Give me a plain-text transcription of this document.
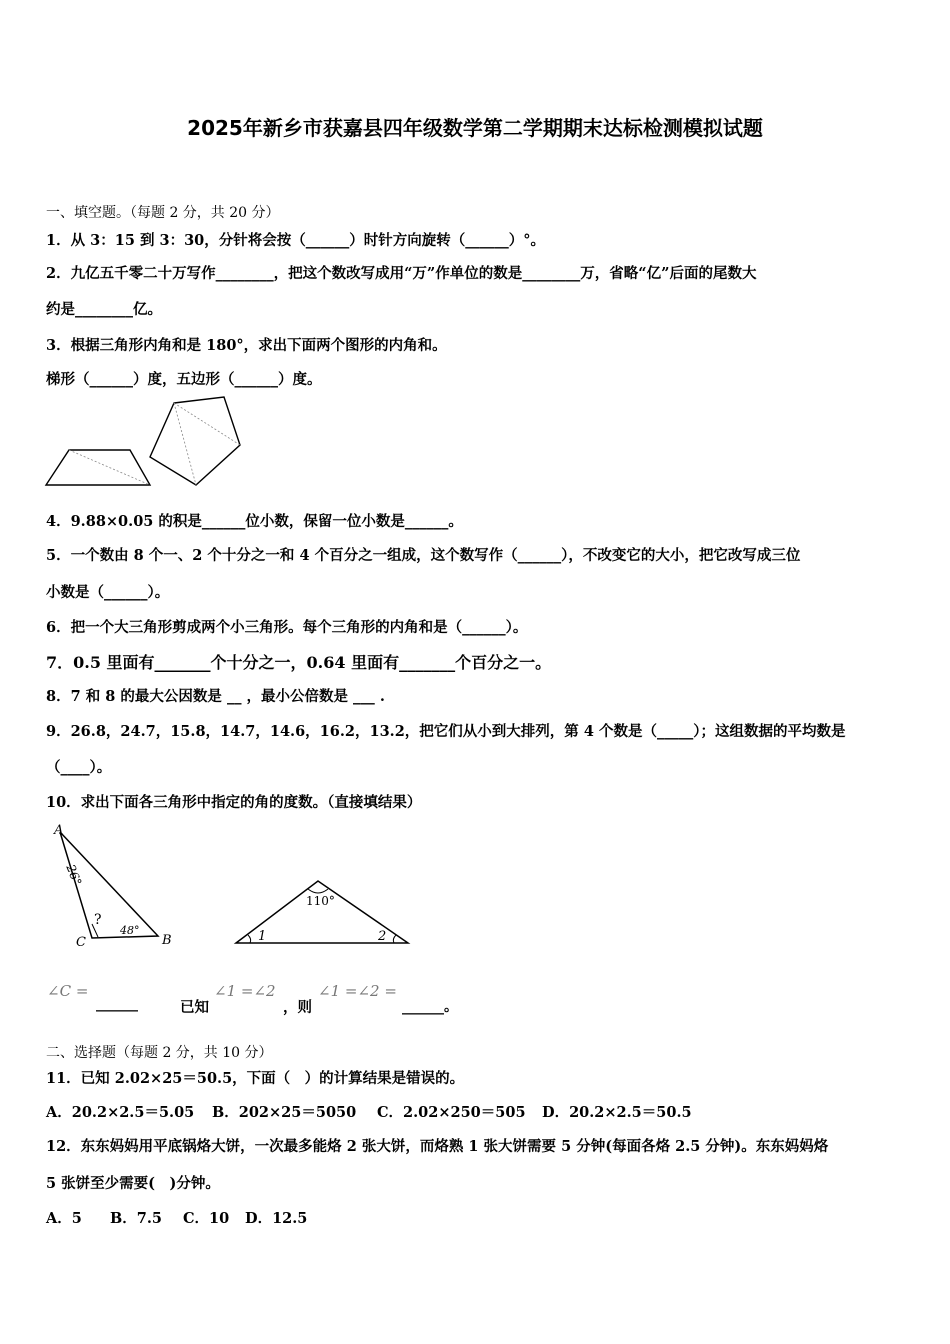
2025年新乡市获嘉县四年级数学第二学期期末达标检测模拟试题
一、填空题。（每题 2 分，共 20 分）
1．从 3：15 到 3：30，分针将会按（______）时针方向旋转（______）°。
2．九亿五千零二十万写作________，把这个数改写成用“万”作单位的数是________万，省略“亿”后面的尾数大
约是________亿。
3．根据三角形内角和是 180°，求出下面两个图形的内角和。
梯形（______）度，五边形（______）度。
4．9.88×0.05 的积是______位小数，保留一位小数是______。
5．一个数由 8 个一、2 个十分之一和 4 个百分之一组成，这个数写作（______），不改变它的大小，把它改写成三位
小数是（______）。
6．把一个大三角形剪成两个小三角形。每个三角形的内角和是（______）。
7．0.5 里面有_______个十分之一，0.64 里面有_______个百分之一。
8．7 和 8 的最大公因数是 __ ，最小公倍数是 ___ .
9．26.8，24.7，15.8，14.7，14.6，16.2，13.2，把它们从小到大排列，第 4 个数是（_____）；这组数据的平均数是
（____）。
10．求出下面各三角形中指定的角的度数。（直接填结果）
A
C	B
26°
48°
?
110°
1	2
∠C =
______	已知
∠1 =∠2
，则
∠1 =∠2 =
______。
二、选择题（每题 2 分，共 10 分）
11．已知 2.02×25＝50.5，下面（　）的计算结果是错误的。
A．20.2×2.5＝5.05 B．202×25＝5050 C．2.02×250＝505 D．20.2×2.5＝50.5
12．东东妈妈用平底锅烙大饼，一次最多能烙 2 张大饼，而烙熟 1 张大饼需要 5 分钟(每面各烙 2.5 分钟)。东东妈妈烙
5 张饼至少需要(　)分钟。
A．5 B．7.5 C．10 D．12.5
